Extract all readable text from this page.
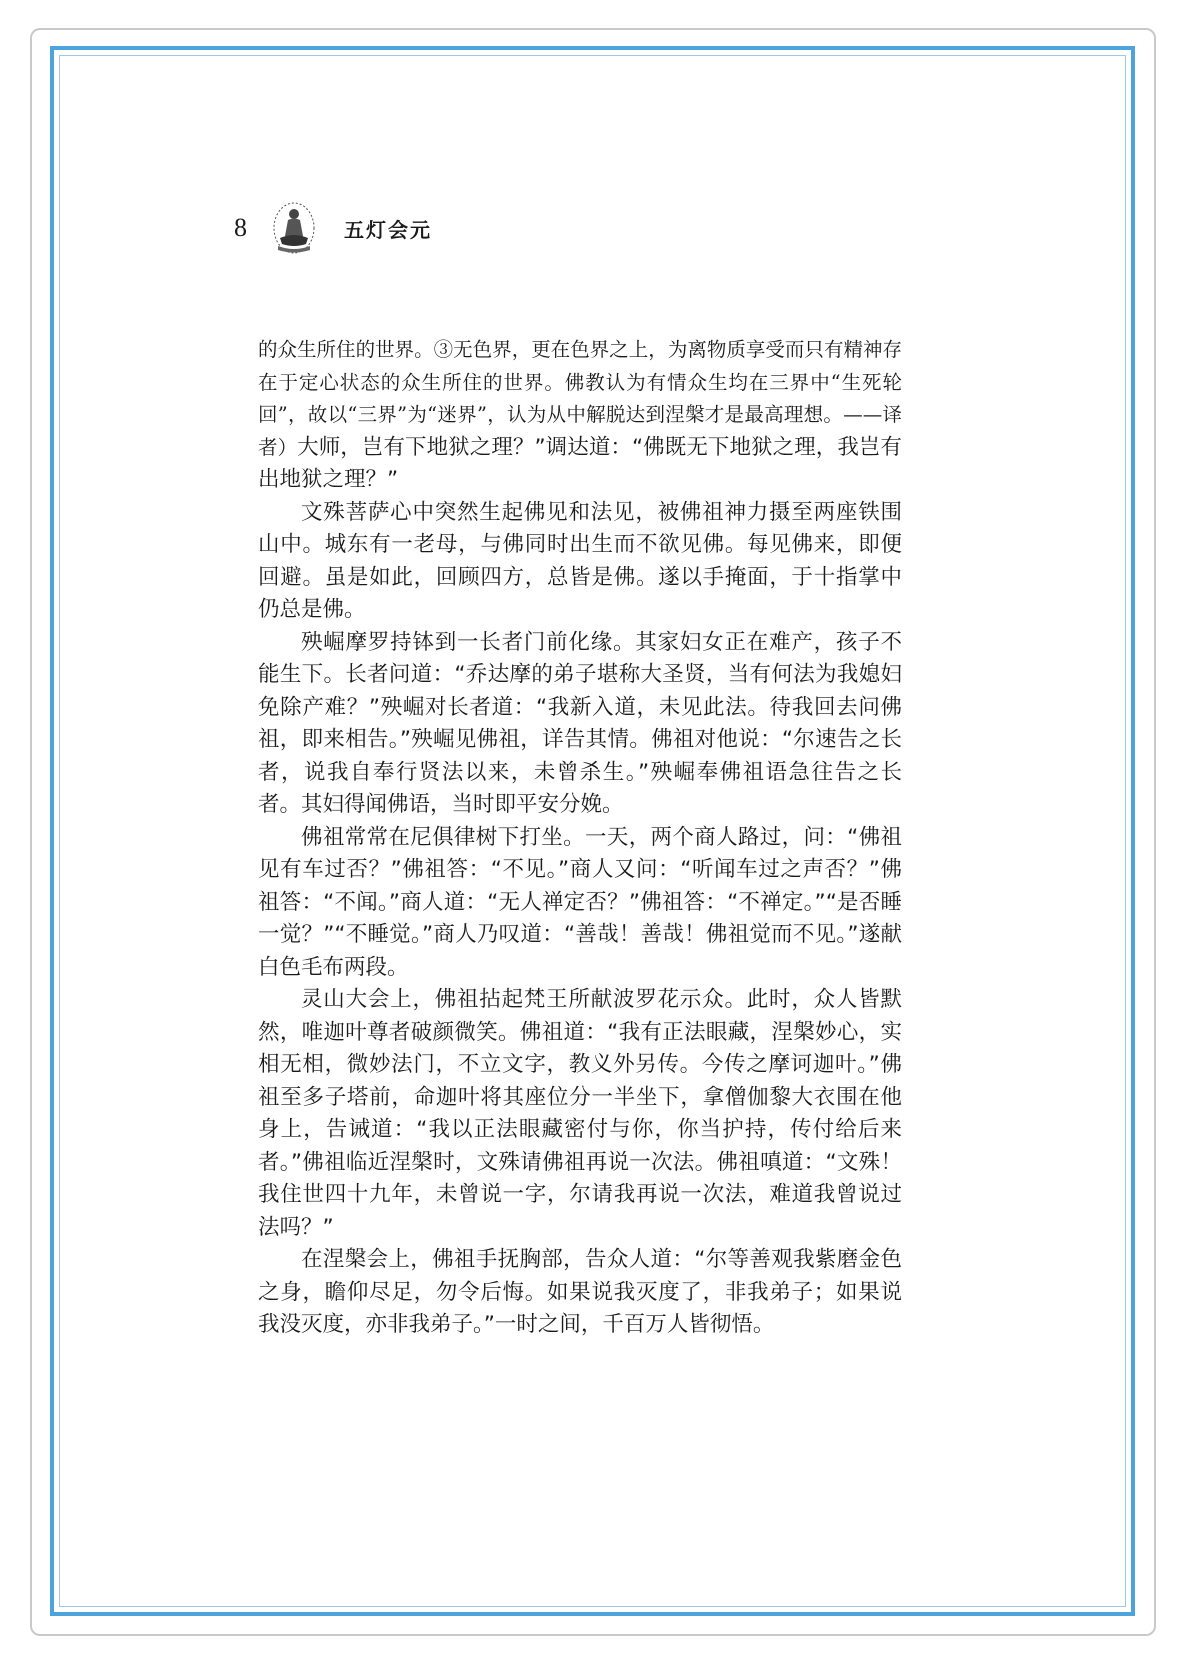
8	五灯会元

的众生所住的世界。③无色界，更在色界之上，为离物质享受而只有精神存在于定心状态的众生所住的世界。佛教认为有情众生均在三界中“生死轮回”，故以“三界”为“迷界”，认为从中解脱达到涅槃才是最高理想。——译者）大师，岂有下地狱之理？”调达道：“佛既无下地狱之理，我岂有出地狱之理？”

文殊菩萨心中突然生起佛见和法见，被佛祖神力摄至两座铁围山中。城东有一老母，与佛同时出生而不欲见佛。每见佛来，即便回避。虽是如此，回顾四方，总皆是佛。遂以手掩面，于十指掌中仍总是佛。

殃崛摩罗持钵到一长者门前化缘。其家妇女正在难产，孩子不能生下。长者问道：“乔达摩的弟子堪称大圣贤，当有何法为我媳妇免除产难？”殃崛对长者道：“我新入道，未见此法。待我回去问佛祖，即来相告。”殃崛见佛祖，详告其情。佛祖对他说：“尔速告之长者，说我自奉行贤法以来，未曾杀生。”殃崛奉佛祖语急往告之长者。其妇得闻佛语，当时即平安分娩。

佛祖常常在尼俱律树下打坐。一天，两个商人路过，问：“佛祖见有车过否？”佛祖答：“不见。”商人又问：“听闻车过之声否？”佛祖答：“不闻。”商人道：“无人禅定否？”佛祖答：“不禅定。”“是否睡一觉？”“不睡觉。”商人乃叹道：“善哉！善哉！佛祖觉而不见。”遂献白色毛布两段。

灵山大会上，佛祖拈起梵王所献波罗花示众。此时，众人皆默然，唯迦叶尊者破颜微笑。佛祖道：“我有正法眼藏，涅槃妙心，实相无相，微妙法门，不立文字，教义外另传。今传之摩诃迦叶。”佛祖至多子塔前，命迦叶将其座位分一半坐下，拿僧伽黎大衣围在他身上，告诫道：“我以正法眼藏密付与你，你当护持，传付给后来者。”佛祖临近涅槃时，文殊请佛祖再说一次法。佛祖嗔道：“文殊！我住世四十九年，未曾说一字，尔请我再说一次法，难道我曾说过法吗？”

在涅槃会上，佛祖手抚胸部，告众人道：“尔等善观我紫磨金色之身，瞻仰尽足，勿令后悔。如果说我灭度了，非我弟子；如果说我没灭度，亦非我弟子。”一时之间，千百万人皆彻悟。
